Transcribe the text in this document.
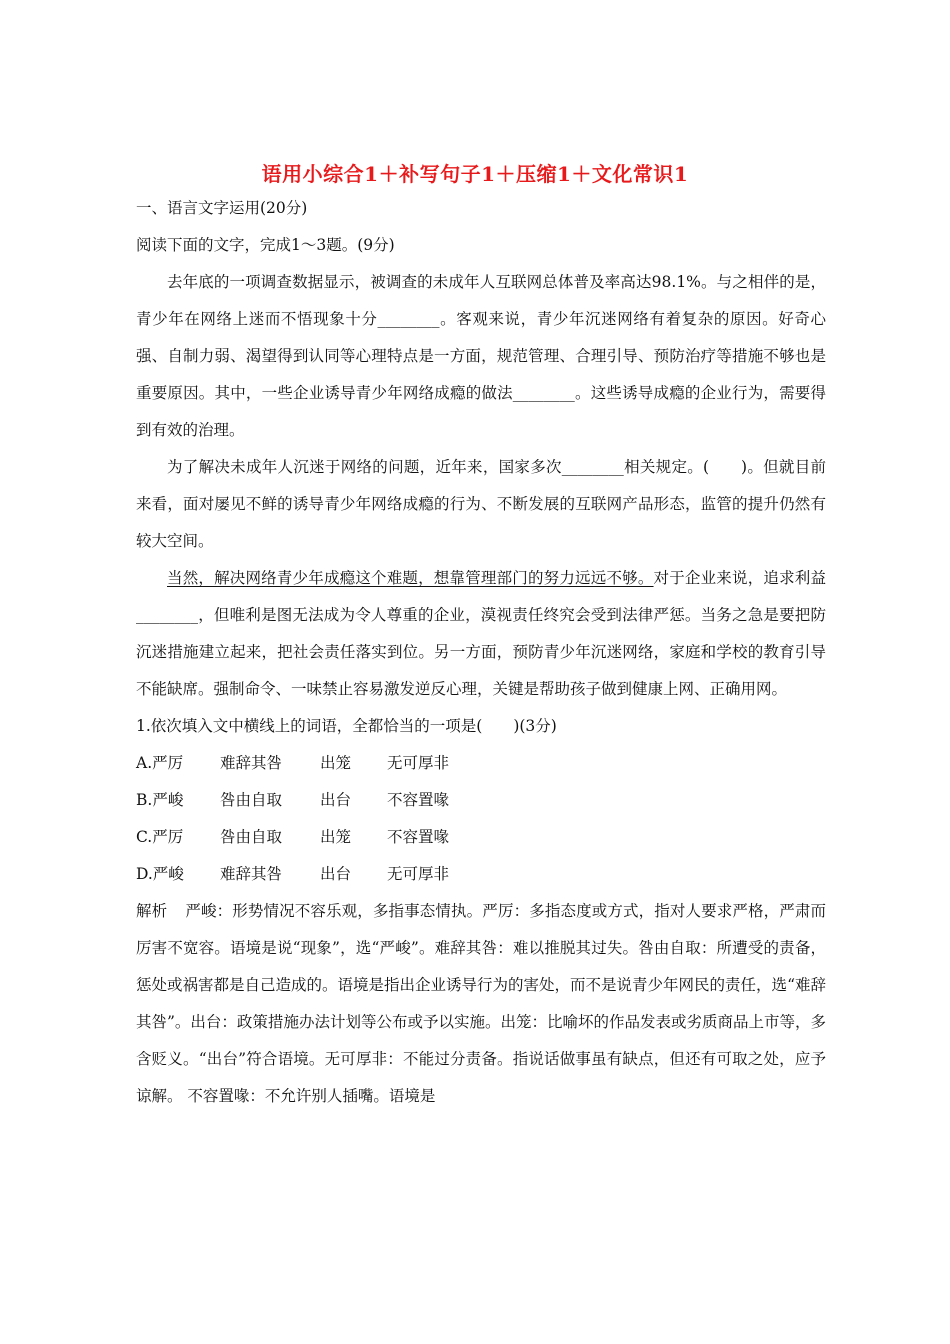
语用小综合1＋补写句子1＋压缩1＋文化常识1

一、语言文字运用(20分)

阅读下面的文字，完成1～3题。(9分)

去年底的一项调查数据显示，被调查的未成年人互联网总体普及率高达98.1%。与之相伴的是，青少年在网络上迷而不悟现象十分________。客观来说，青少年沉迷网络有着复杂的原因。好奇心强、自制力弱、渴望得到认同等心理特点是一方面，规范管理、合理引导、预防治疗等措施不够也是重要原因。其中，一些企业诱导青少年网络成瘾的做法________。这些诱导成瘾的企业行为，需要得到有效的治理。

为了解决未成年人沉迷于网络的问题，近年来，国家多次________相关规定。(　　)。但就目前来看，面对屡见不鲜的诱导青少年网络成瘾的行为、不断发展的互联网产品形态，监管的提升仍然有较大空间。

当然，解决网络青少年成瘾这个难题，想靠管理部门的努力远远不够。对于企业来说，追求利益________，但唯利是图无法成为令人尊重的企业，漠视责任终究会受到法律严惩。当务之急是要把防沉迷措施建立起来，把社会责任落实到位。另一方面，预防青少年沉迷网络，家庭和学校的教育引导不能缺席。强制命令、一味禁止容易激发逆反心理，关键是帮助孩子做到健康上网、正确用网。

1.依次填入文中横线上的词语，全都恰当的一项是(　　)(3分)

A.严厉 难辞其咎 出笼 无可厚非

B.严峻 咎由自取 出台 不容置喙

C.严厉 咎由自取 出笼 不容置喙

D.严峻 难辞其咎 出台 无可厚非

解析 严峻：形势情况不容乐观，多指事态情执。严厉：多指态度或方式，指对人要求严格，严肃而厉害不宽容。语境是说“现象”，选“严峻”。难辞其咎：难以推脱其过失。咎由自取：所遭受的责备，惩处或祸害都是自己造成的。语境是指出企业诱导行为的害处，而不是说青少年网民的责任，选“难辞其咎”。出台：政策措施办法计划等公布或予以实施。出笼：比喻坏的作品发表或劣质商品上市等，多含贬义。“出台”符合语境。无可厚非：不能过分责备。指说话做事虽有缺点，但还有可取之处，应予谅解。 不容置喙：不允许别人插嘴。语境是
